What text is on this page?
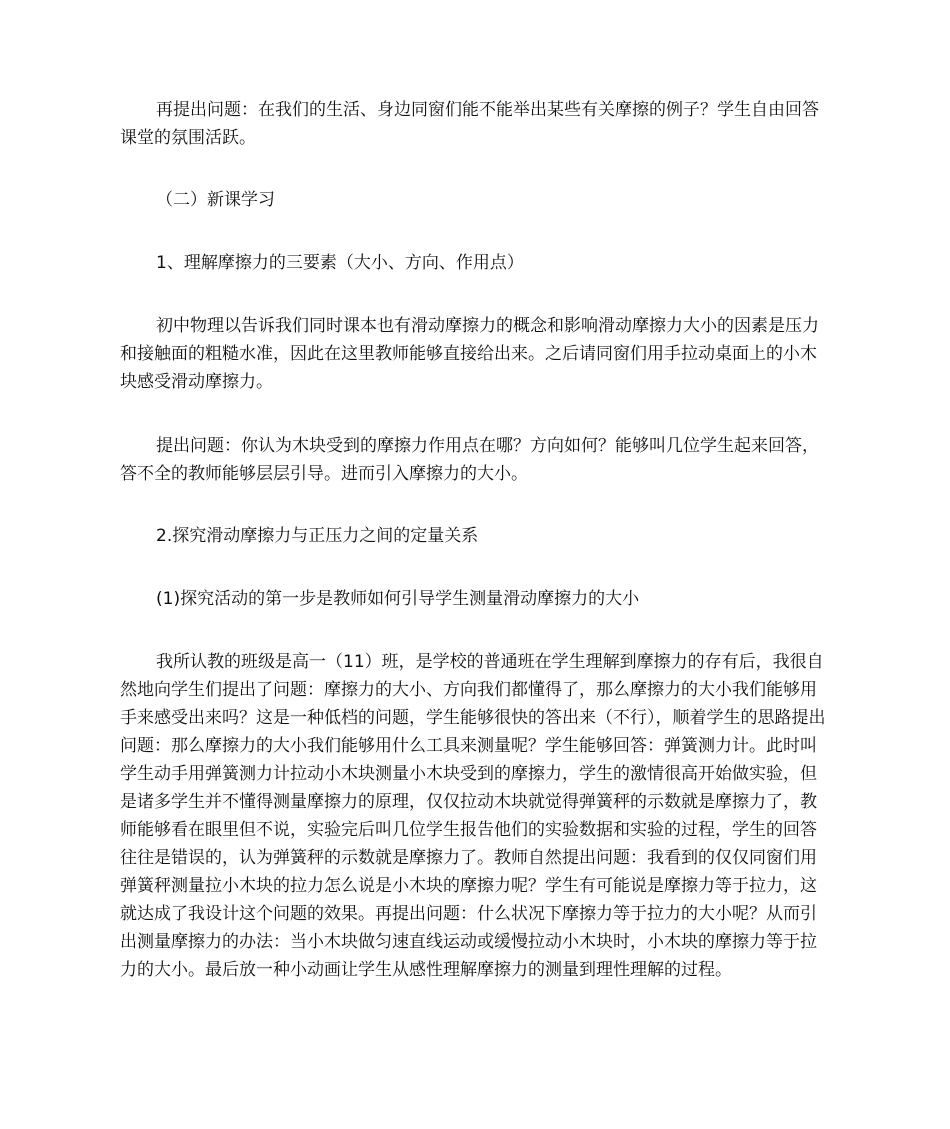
再提出问题：在我们的生活、身边同窗们能不能举出某些有关摩擦的例子？学生自由回答课堂的氛围活跃。

（二）新课学习

1、理解摩擦力的三要素（大小、方向、作用点）

初中物理以告诉我们同时课本也有滑动摩擦力的概念和影响滑动摩擦力大小的因素是压力和接触面的粗糙水准，因此在这里教师能够直接给出来。之后请同窗们用手拉动桌面上的小木块感受滑动摩擦力。

提出问题：你认为木块受到的摩擦力作用点在哪？方向如何？能够叫几位学生起来回答，答不全的教师能够层层引导。进而引入摩擦力的大小。

2.探究滑动摩擦力与正压力之间的定量关系

(1)探究活动的第一步是教师如何引导学生测量滑动摩擦力的大小

我所认教的班级是高一（11）班，是学校的普通班在学生理解到摩擦力的存有后，我很自然地向学生们提出了问题：摩擦力的大小、方向我们都懂得了，那么摩擦力的大小我们能够用手来感受出来吗？这是一种低档的问题，学生能够很快的答出来（不行），顺着学生的思路提出问题：那么摩擦力的大小我们能够用什么工具来测量呢？学生能够回答：弹簧测力计。此时叫学生动手用弹簧测力计拉动小木块测量小木块受到的摩擦力，学生的激情很高开始做实验，但是诸多学生并不懂得测量摩擦力的原理，仅仅拉动木块就觉得弹簧秤的示数就是摩擦力了，教师能够看在眼里但不说，实验完后叫几位学生报告他们的实验数据和实验的过程，学生的回答往往是错误的，认为弹簧秤的示数就是摩擦力了。教师自然提出问题：我看到的仅仅同窗们用弹簧秤测量拉小木块的拉力怎么说是小木块的摩擦力呢？学生有可能说是摩擦力等于拉力，这就达成了我设计这个问题的效果。再提出问题：什么状况下摩擦力等于拉力的大小呢？从而引出测量摩擦力的办法：当小木块做匀速直线运动或缓慢拉动小木块时，小木块的摩擦力等于拉力的大小。最后放一种小动画让学生从感性理解摩擦力的测量到理性理解的过程。
